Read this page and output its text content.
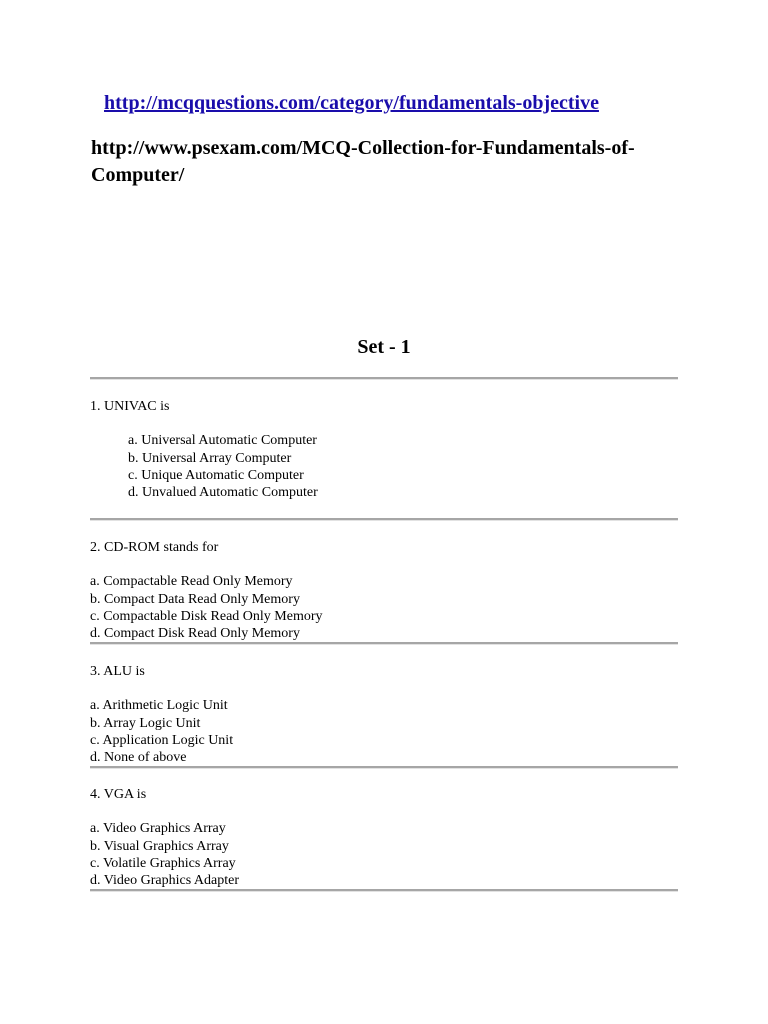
http://mcqquestions.com/category/fundamentals-objective
http://www.psexam.com/MCQ-Collection-for-Fundamentals-of-Computer/
Set - 1

1. UNIVAC is

a. Universal Automatic Computer
b. Universal Array Computer
c. Unique Automatic Computer
d. Unvalued Automatic Computer

2. CD-ROM stands for

a. Compactable Read Only Memory
b. Compact Data Read Only Memory
c. Compactable Disk Read Only Memory
d. Compact Disk Read Only Memory

3. ALU is

a. Arithmetic Logic Unit
b. Array Logic Unit
c. Application Logic Unit
d. None of above

4. VGA is

a. Video Graphics Array
b. Visual Graphics Array
c. Volatile Graphics Array
d. Video Graphics Adapter
